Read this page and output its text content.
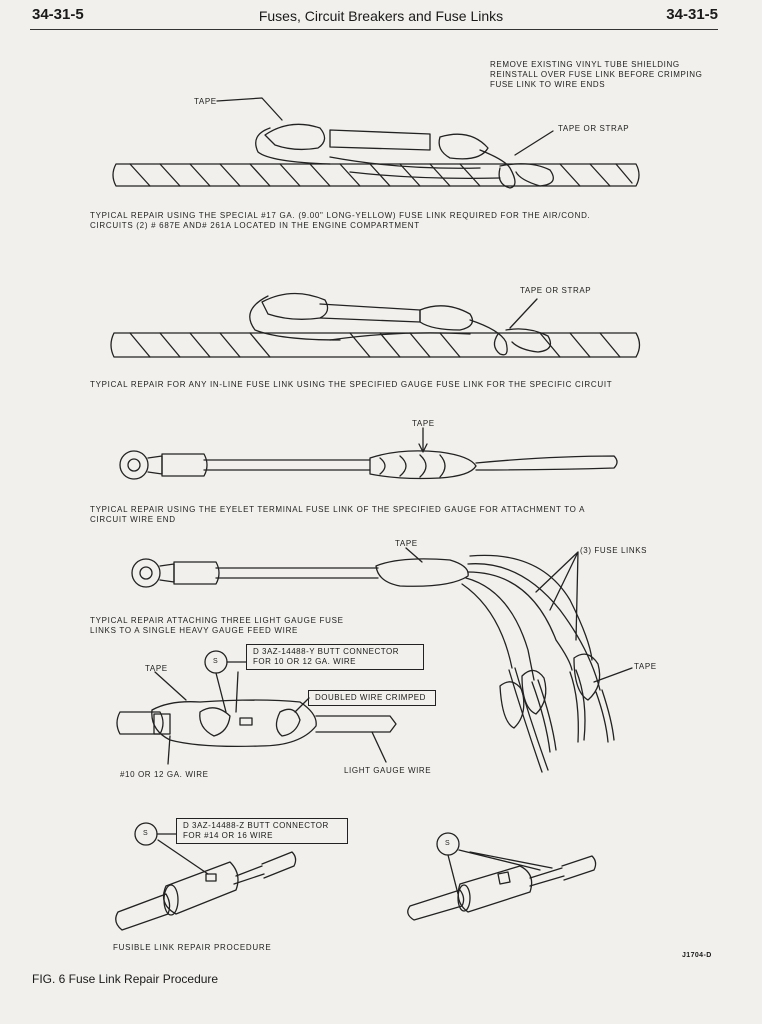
34-31-5	Fuses, Circuit Breakers and Fuse Links	34-31-5
REMOVE EXISTING VINYL TUBE SHIELDING
REINSTALL OVER FUSE LINK BEFORE CRIMPING
FUSE LINK TO WIRE ENDS
TAPE
TAPE OR STRAP
TYPICAL REPAIR USING THE SPECIAL #17 GA. (9.00" LONG-YELLOW) FUSE LINK REQUIRED FOR THE AIR/COND.
CIRCUITS (2) # 687E AND# 261A LOCATED IN THE ENGINE COMPARTMENT
TAPE OR STRAP
TYPICAL REPAIR FOR ANY IN-LINE FUSE LINK USING THE SPECIFIED GAUGE FUSE LINK FOR THE SPECIFIC CIRCUIT
TAPE
TYPICAL REPAIR USING THE EYELET TERMINAL FUSE LINK OF THE SPECIFIED GAUGE FOR ATTACHMENT TO A
CIRCUIT WIRE END
TAPE
(3) FUSE LINKS
TAPE
TYPICAL REPAIR ATTACHING THREE LIGHT GAUGE FUSE
LINKS TO A SINGLE HEAVY GAUGE FEED WIRE
TAPE
S
D 3AZ-14488-Y BUTT CONNECTOR
FOR 10 OR 12 GA. WIRE
DOUBLED WIRE CRIMPED
#10 OR 12 GA. WIRE	LIGHT GAUGE WIRE
S
D 3AZ-14488-Z BUTT CONNECTOR
FOR #14 OR 16 WIRE
S
FUSIBLE LINK REPAIR PROCEDURE
J1704-D
FIG. 6 Fuse Link Repair Procedure
